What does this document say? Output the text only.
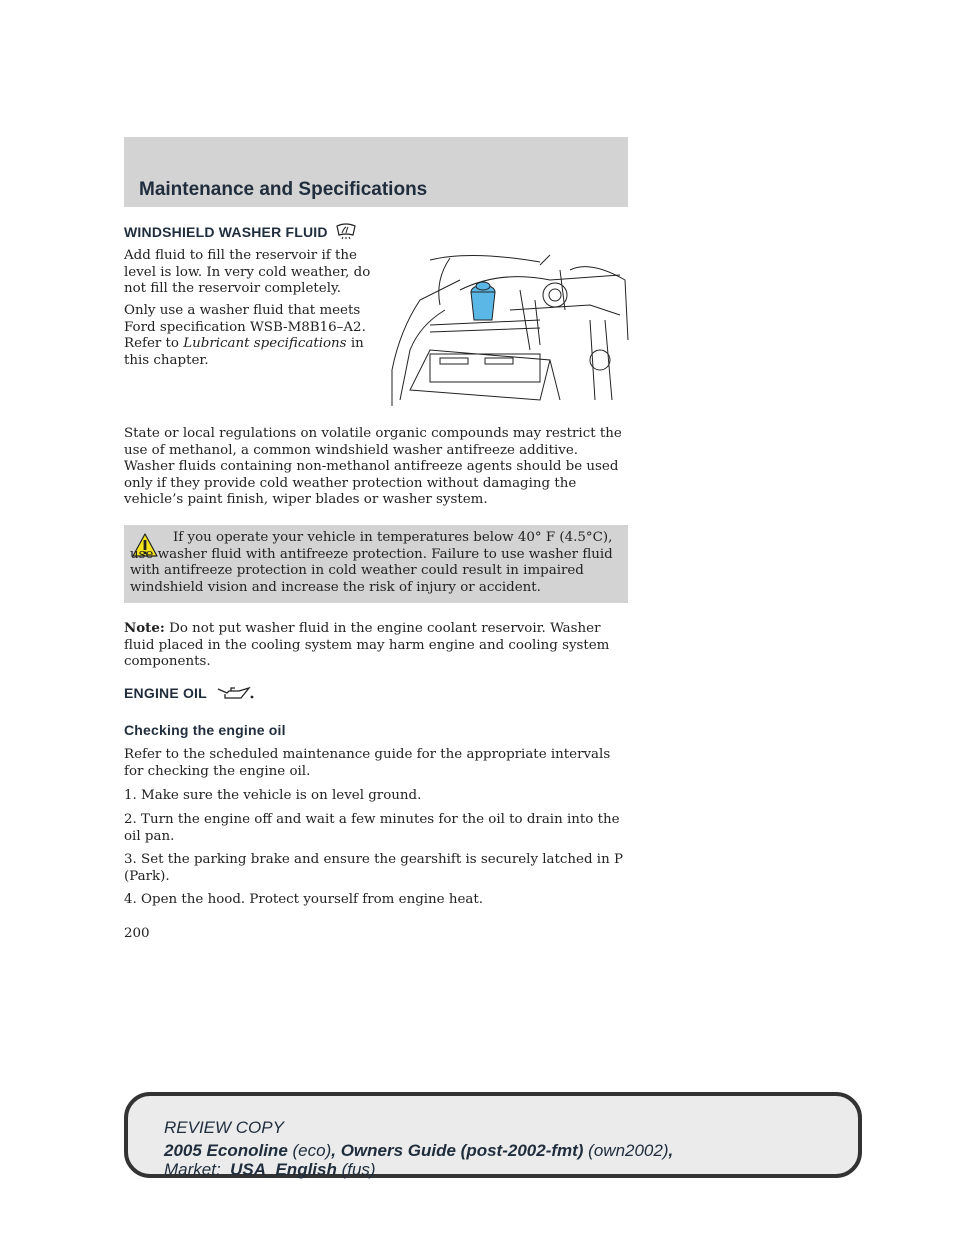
Maintenance and Specifications
WINDSHIELD WASHER FLUID

Add fluid to fill the reservoir if the level is low. In very cold weather, do not fill the reservoir completely.

Only use a washer fluid that meets Ford specification WSB-M8B16–A2. Refer to Lubricant specifications in this chapter.

State or local regulations on volatile organic compounds may restrict the use of methanol, a common windshield washer antifreeze additive. Washer fluids containing non-methanol antifreeze agents should be used only if they provide cold weather protection without damaging the vehicle’s paint finish, wiper blades or washer system.

If you operate your vehicle in temperatures below 40° F (4.5°C), use washer fluid with antifreeze protection. Failure to use washer fluid with antifreeze protection in cold weather could result in impaired windshield vision and increase the risk of injury or accident.

Note: Do not put washer fluid in the engine coolant reservoir. Washer fluid placed in the cooling system may harm engine and cooling system components.

ENGINE OIL
Checking the engine oil

Refer to the scheduled maintenance guide for the appropriate intervals for checking the engine oil.

1. Make sure the vehicle is on level ground.

2. Turn the engine off and wait a few minutes for the oil to drain into the oil pan.

3. Set the parking brake and ensure the gearshift is securely latched in P (Park).

4. Open the hood. Protect yourself from engine heat.

200

REVIEW COPY
2005 Econoline (eco), Owners Guide (post-2002-fmt) (own2002),
Market:  USA_English (fus)
